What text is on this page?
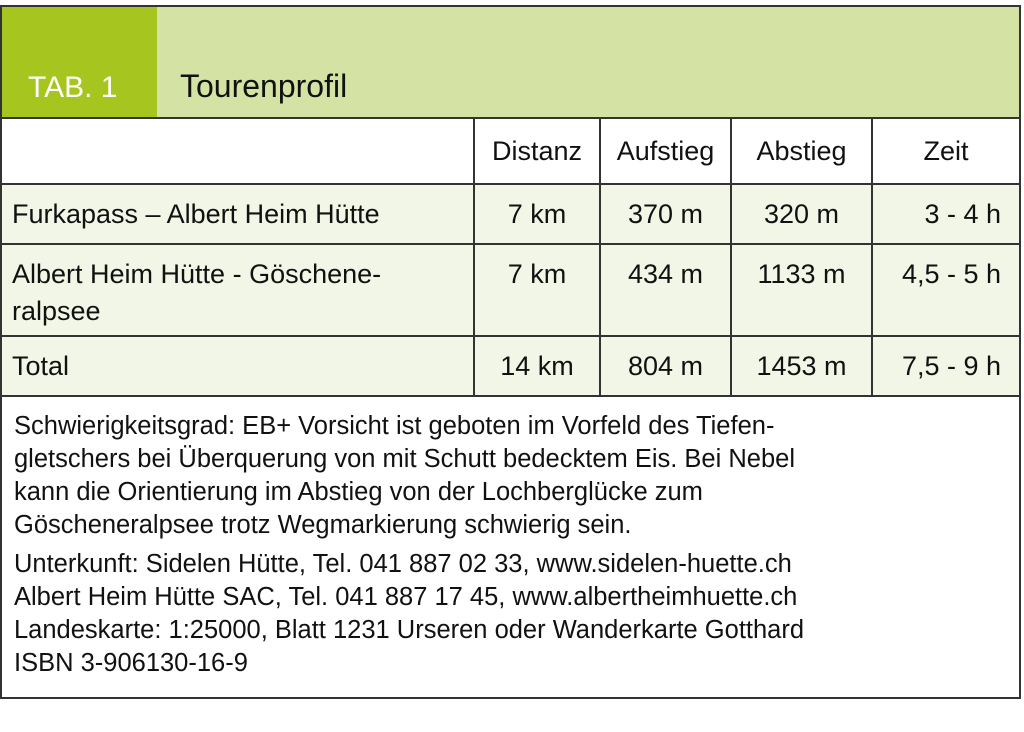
TAB. 1 Tourenprofil
	Distanz	Aufstieg	Abstieg	Zeit
Furkapass – Albert Heim Hütte	7 km	370 m	320 m	3 - 4 h

Albert Heim Hütte - Göschene-
ralpsee	7 km	434 m	1133 m	4,5 - 5 h
Total	14 km	804 m	1453 m	7,5 - 9 h

Schwierigkeitsgrad: EB+ Vorsicht ist geboten im Vorfeld des Tiefen-
gletschers bei Überquerung von mit Schutt bedecktem Eis. Bei Nebel
kann die Orientierung im Abstieg von der Lochberglücke zum
Göscheneralpsee trotz Wegmarkierung schwierig sein.

Unterkunft: Sidelen Hütte, Tel. 041 887 02 33, www.sidelen-huette.ch
Albert Heim Hütte SAC, Tel. 041 887 17 45, www.albertheimhuette.ch
Landeskarte: 1:25000, Blatt 1231 Urseren oder Wanderkarte Gotthard
ISBN 3-906130-16-9
